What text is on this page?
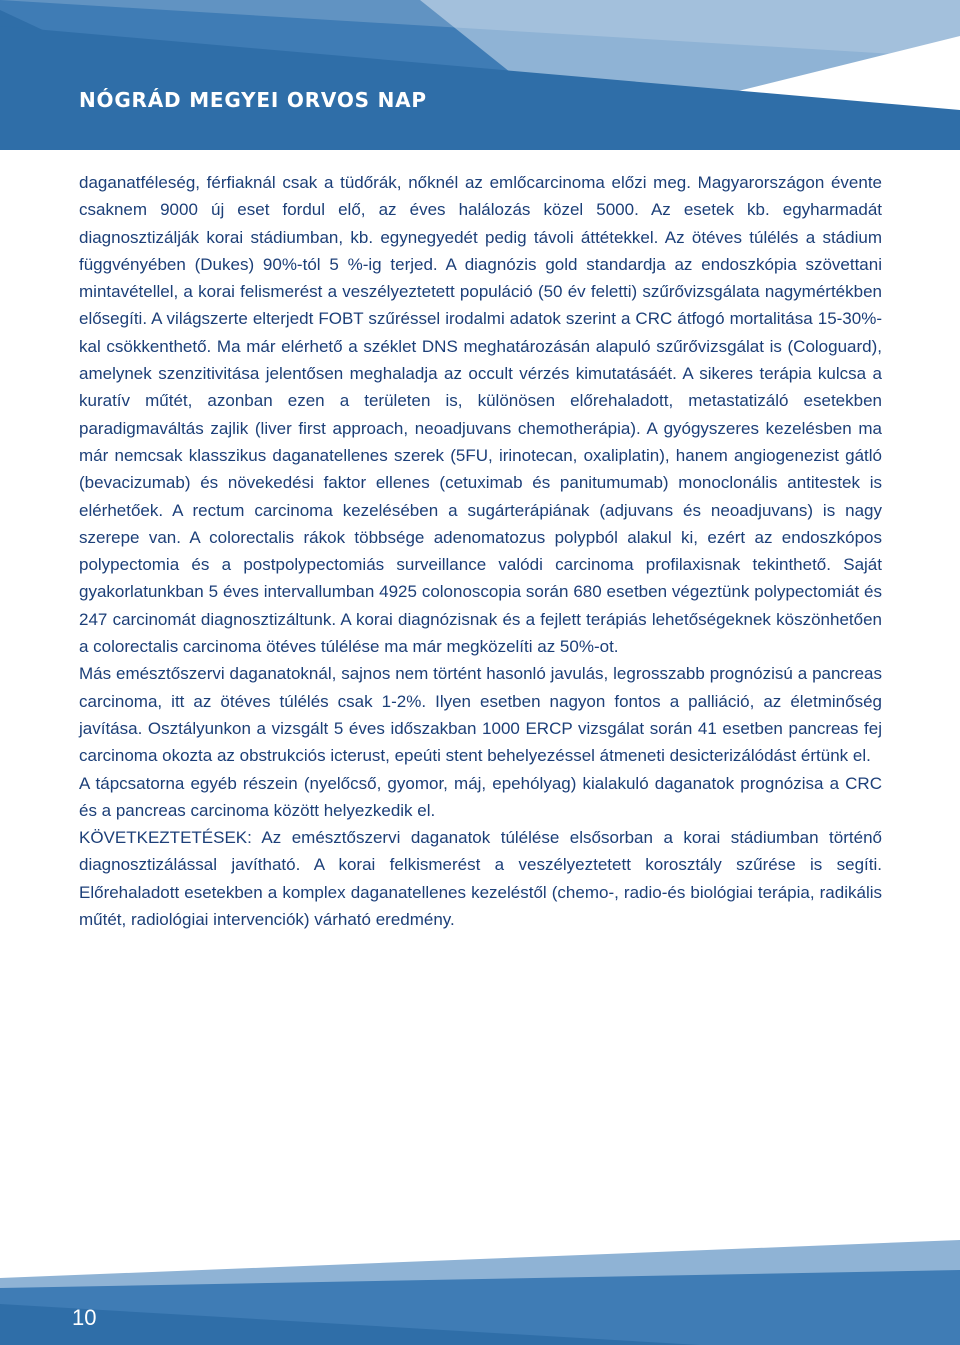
NÓGRÁD MEGYEI ORVOS NAP

daganatféleség, férfiaknál csak a tüdőrák, nőknél az emlőcarcinoma előzi meg. Magyarországon évente csaknem 9000 új eset fordul elő, az éves halálozás közel 5000. Az esetek kb. egyharmadát diagnosztizálják korai stádiumban, kb. egynegyedét pedig távoli áttétekkel. Az ötéves túlélés a stádium függvényében (Dukes) 90%-tól 5 %-ig terjed. A diagnózis gold standardja az endoszkópia szövettani mintavétellel, a korai felismerést a veszélyeztetett populáció (50 év feletti) szűrővizsgálata nagymértékben elősegíti. A világszerte elterjedt FOBT szűréssel irodalmi adatok szerint a CRC átfogó mortalitása 15-30%-kal csökkenthető. Ma már elérhető a széklet DNS meghatározásán alapuló szűrővizsgálat is (Cologuard), amelynek szenzitivitása jelentősen meghaladja az occult vérzés kimutatásáét. A sikeres terápia kulcsa a kuratív műtét, azonban ezen a területen is, különösen előrehaladott, metastatizáló esetekben paradigmaváltás zajlik (liver first approach, neoadjuvans chemotherápia). A gyógyszeres kezelésben ma már nemcsak klasszikus daganatellenes szerek (5FU, irinotecan, oxaliplatin), hanem angiogenezist gátló (bevacizumab) és növekedési faktor ellenes (cetuximab és panitumumab) monoclonális antitestek is elérhetőek. A rectum carcinoma kezelésében a sugárterápiának (adjuvans és neoadjuvans) is nagy szerepe van. A colorectalis rákok többsége adenomatozus polypból alakul ki, ezért az endoszkópos polypectomia és a postpolypectomiás surveillance valódi carcinoma profilaxisnak tekinthető. Saját gyakorlatunkban 5 éves intervallumban 4925 colonoscopia során 680 esetben végeztünk polypectomiát és 247 carcinomát diagnosztizáltunk. A korai diagnózisnak és a fejlett terápiás lehetőségeknek köszönhetően a colorectalis carcinoma ötéves túlélése ma már megközelíti az 50%-ot.

Más emésztőszervi daganatoknál, sajnos nem történt hasonló javulás, legrosszabb prognózisú a pancreas carcinoma, itt az ötéves túlélés csak 1-2%. Ilyen esetben nagyon fontos a palliáció, az életminőség javítása. Osztályunkon a vizsgált 5 éves időszakban 1000 ERCP vizsgálat során 41 esetben pancreas fej carcinoma okozta az obstrukciós icterust, epeúti stent behelyezéssel átmeneti desicterizálódást értünk el.

A tápcsatorna egyéb részein (nyelőcső, gyomor, máj, epehólyag) kialakuló daganatok prognózisa a CRC és a pancreas carcinoma között helyezkedik el.

KÖVETKEZTETÉSEK: Az emésztőszervi daganatok túlélése elsősorban a korai stádiumban történő diagnosztizálással javítható. A korai felkismerést a veszélyeztetett korosztály szűrése is segíti. Előrehaladott esetekben a komplex daganatellenes kezeléstől (chemo-, radio-és biológiai terápia, radikális műtét, radiológiai intervenciók) várható eredmény.

10
